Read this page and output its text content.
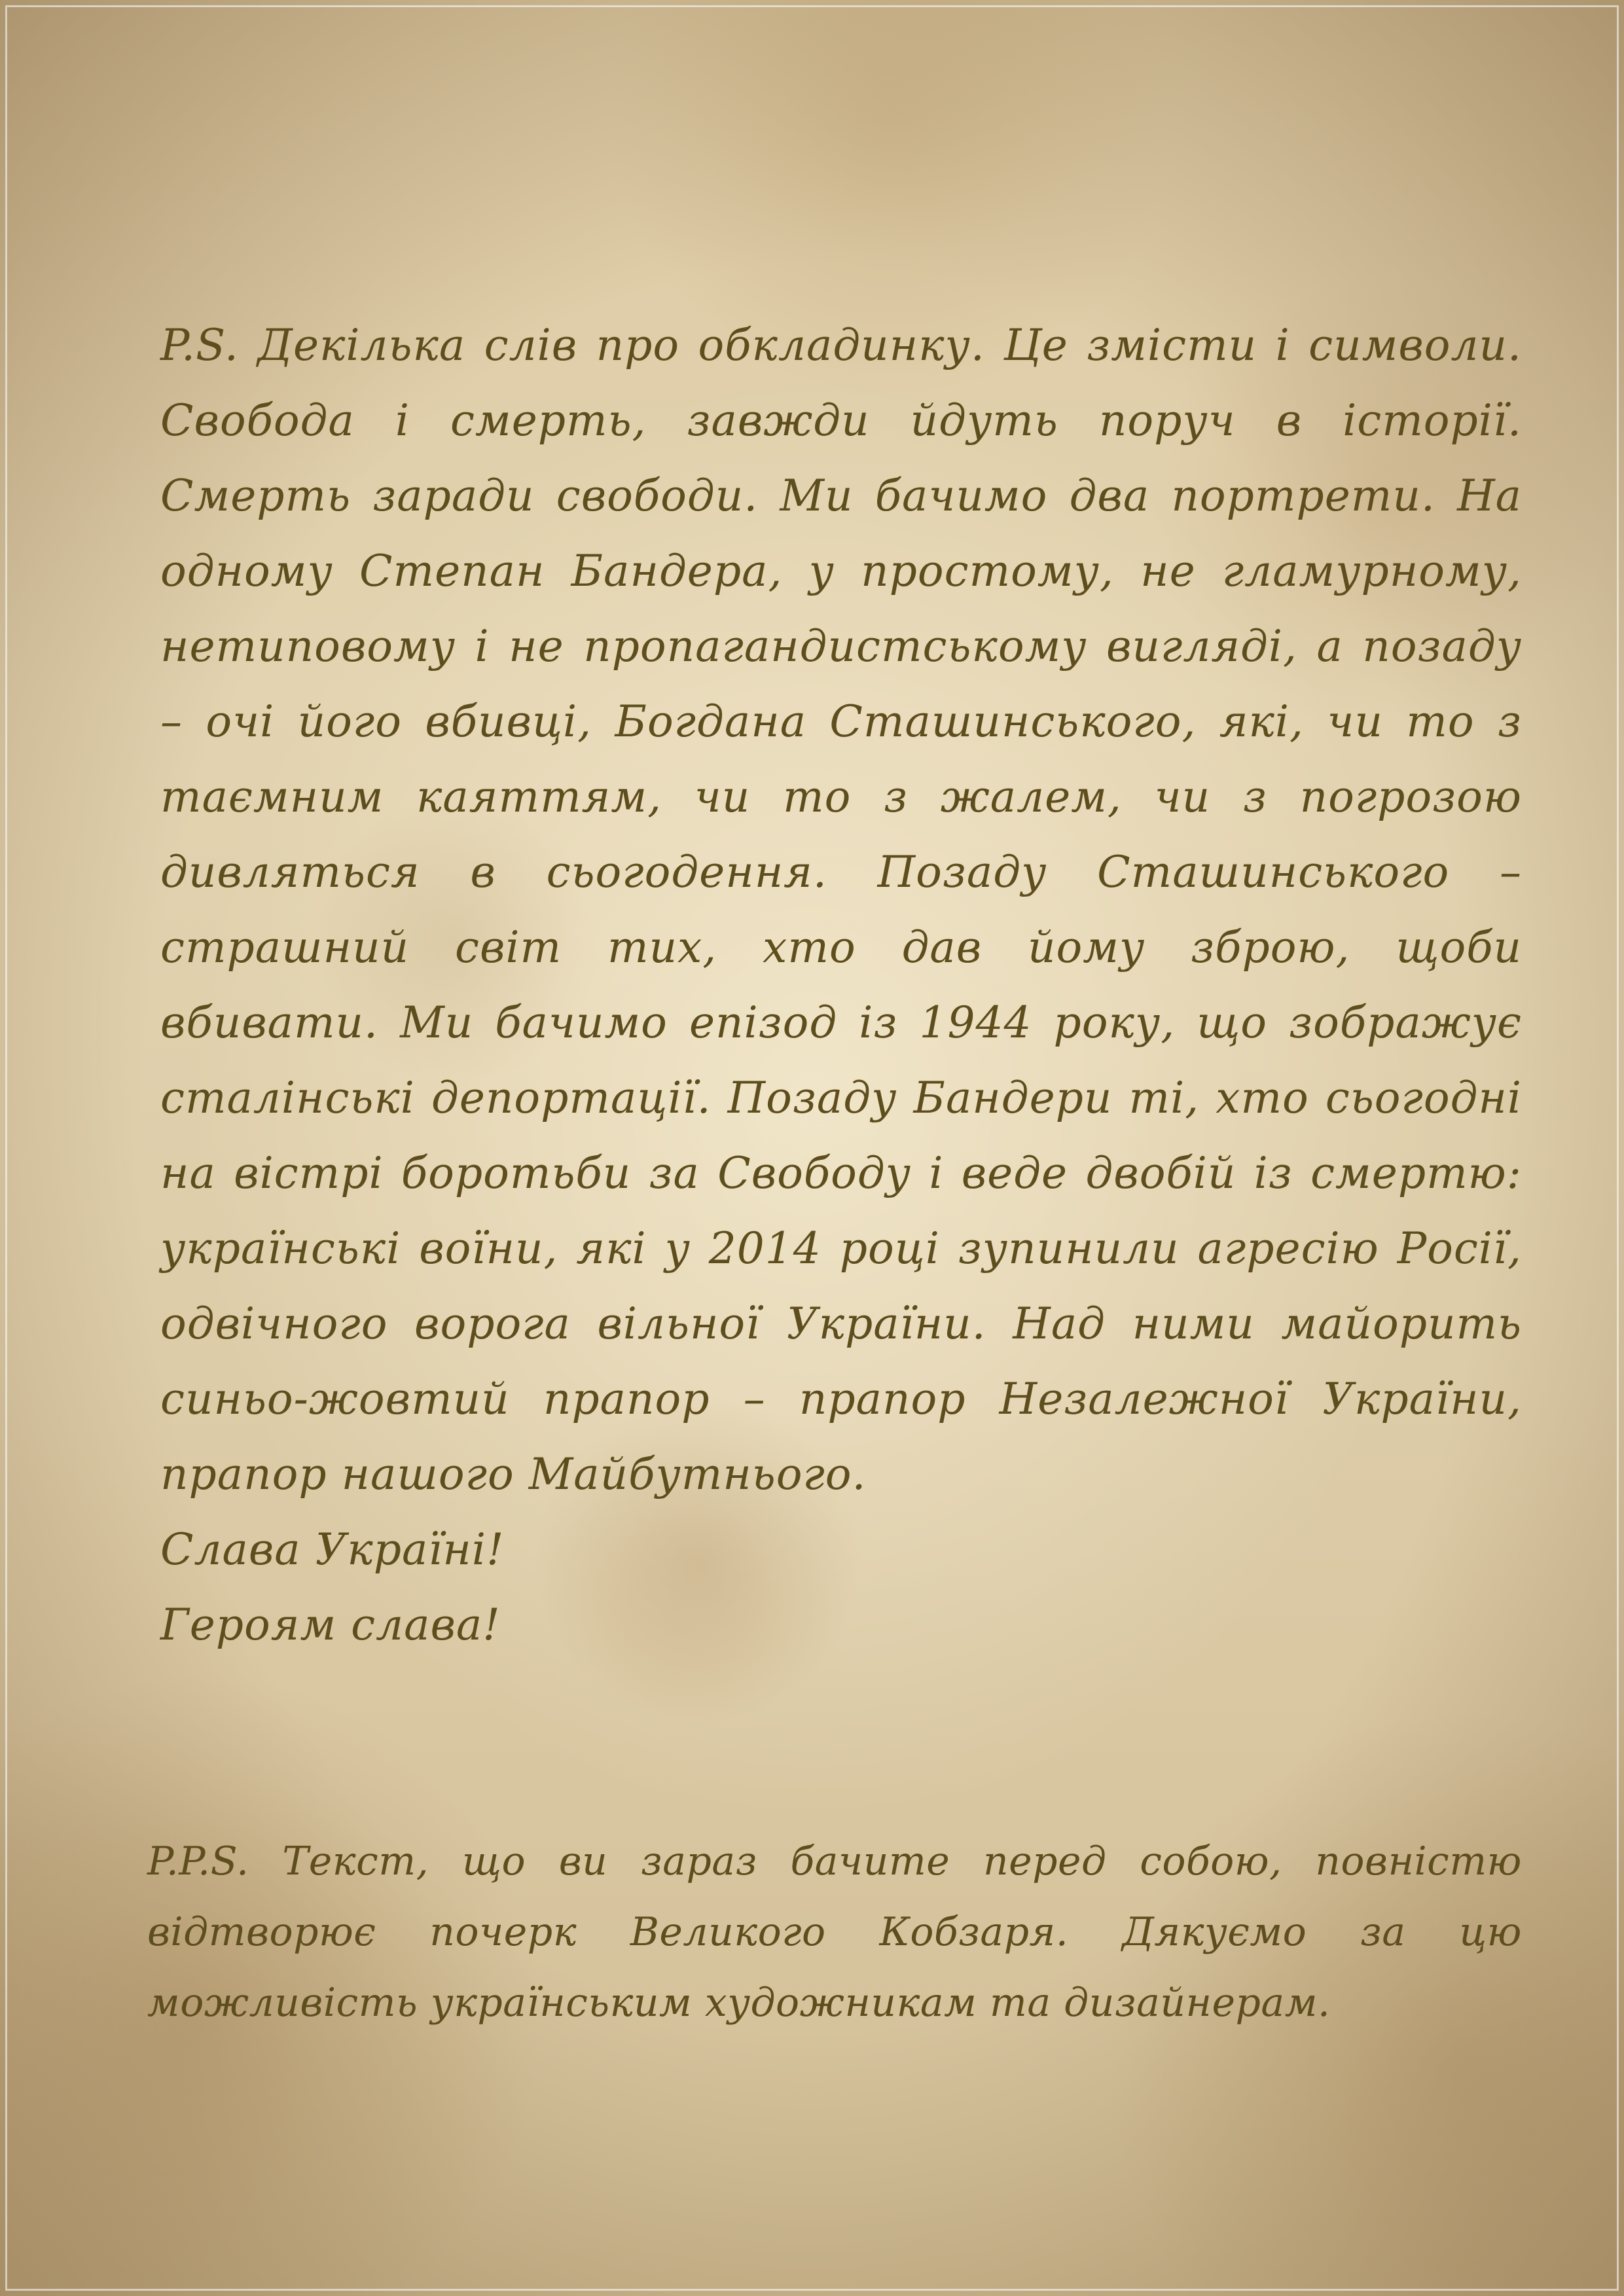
P.S. Декілька слів про обкладинку. Це змісти і символи. Свобода і смерть, завжди йдуть поруч в історії. Смерть заради свободи. Ми бачимо два портрети. На одному Степан Бандера, у простому, не гламурному, нетиповому і не пропагандистському вигляді, а позаду – очі його вбивці, Богдана Сташинського, які, чи то з таємним каяттям, чи то з жалем, чи з погрозою дивляться в сьогодення. Позаду Сташинського – страшний світ тих, хто дав йому зброю, щоби вбивати. Ми бачимо епізод із 1944 року, що зображує сталінські депортації. Позаду Бандери ті, хто сьогодні на вістрі боротьби за Свободу і веде двобій із смертю: українські воїни, які у 2014 році зупинили агресію Росії, одвічного ворога вільної України. Над ними майорить синьо-жовтий прапор – прапор Незалежної України, прапор нашого Майбутнього.

Слава Україні!

Героям слава!

P.P.S. Текст, що ви зараз бачите перед собою, повністю відтворює почерк Великого Кобзаря. Дякуємо за цю можливість українським художникам та дизайнерам.
